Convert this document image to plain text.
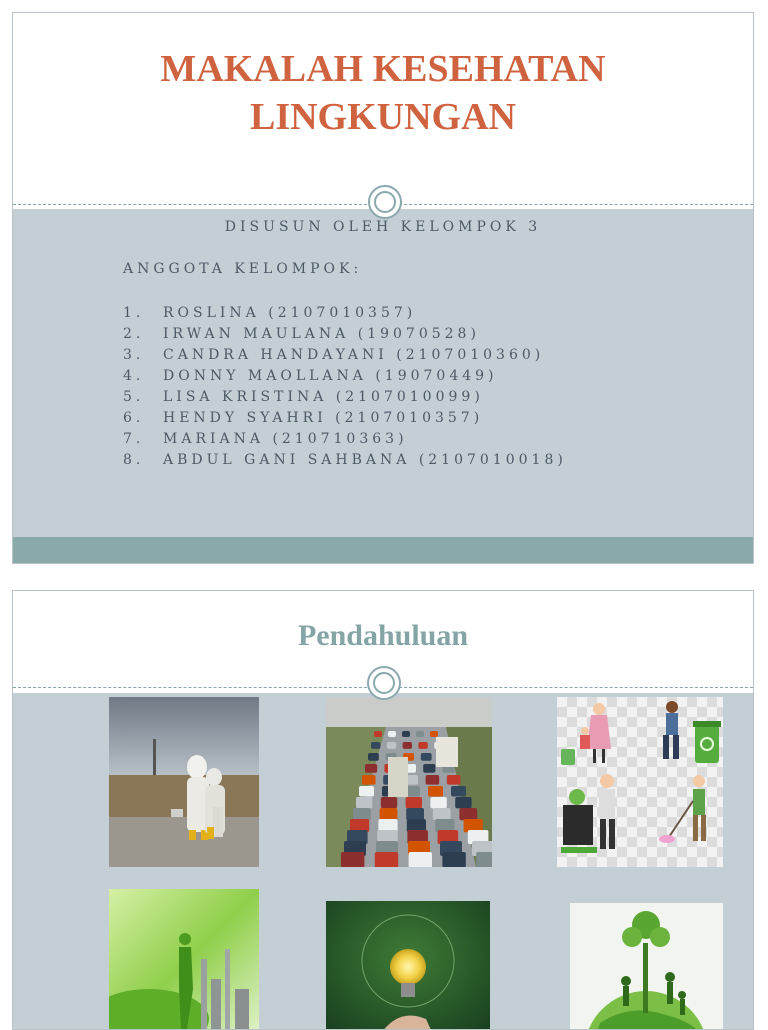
MAKALAH KESEHATAN
LINGKUNGAN
DISUSUN OLEH KELOMPOK 3
ANGGOTA KELOMPOK:
1. ROSLINA (2107010357)
2. IRWAN MAULANA (19070528)
3. CANDRA HANDAYANI (2107010360)
4. DONNY MAOLLANA (19070449)
5. LISA KRISTINA (2107010099)
6. HENDY SYAHRI (2107010357)
7. MARIANA (210710363)
8. ABDUL GANI SAHBANA (2107010018)
Pendahuluan
